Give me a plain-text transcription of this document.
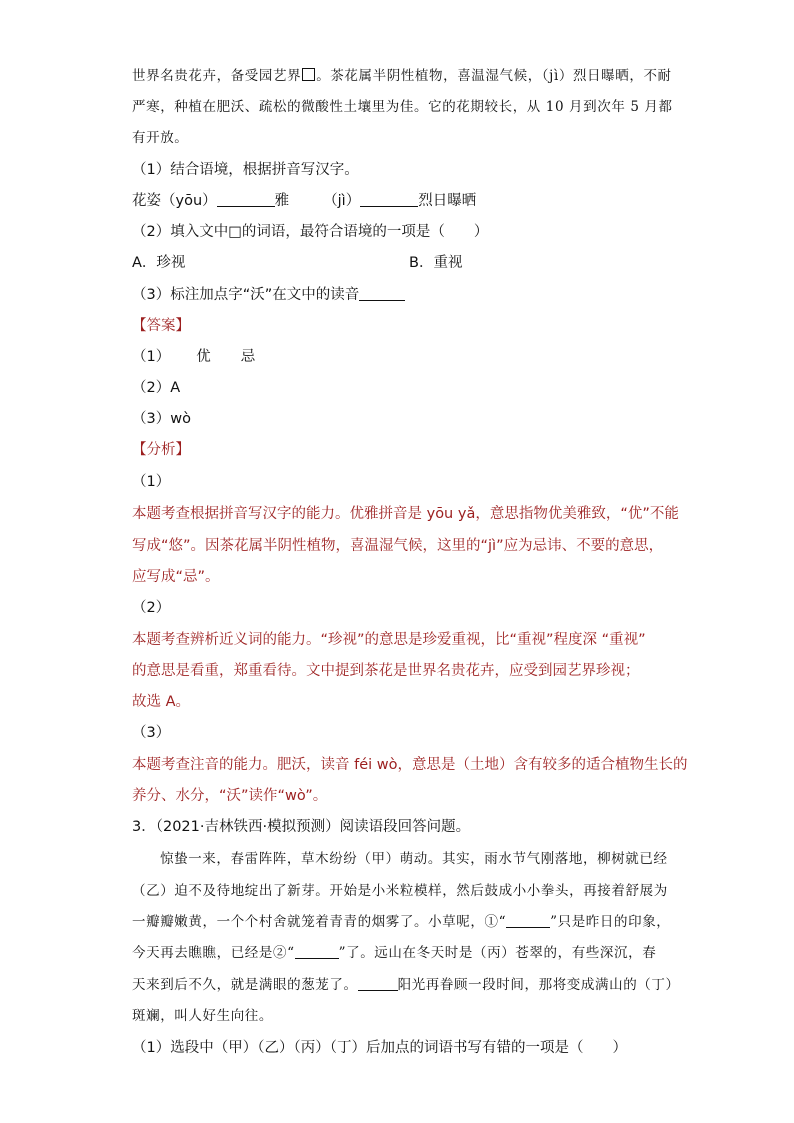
世界名贵花卉，备受园艺界 。茶花属半阴性植物，喜温湿气候，（jì）烈日曝晒，不耐
严寒，种植在肥沃、疏松的微酸性土壤里为佳。它的花期较长，从 10 月到次年 5 月都
有开放。
（1）结合语境，根据拼音写汉字。
花姿（yōu）	雅 （jì）	烈日曝晒
（2）填入文中□的词语，最符合语境的一项是（　　）
A．珍视	B．重视
（3）标注加点字“沃”在文中的读音
【答案】
（1） 优 忌
（2）A
（3）wò
【分析】
（1）
本题考查根据拼音写汉字的能力。优雅拼音是 yōu yǎ，意思指物优美雅致，“优”不能
写成“悠”。因茶花属半阴性植物，喜温湿气候，这里的“jì”应为忌讳、不要的意思，
应写成“忌”。
（2）
本题考查辨析近义词的能力。“珍视”的意思是珍爱重视，比“重视”程度深 “重视”
的意思是看重，郑重看待。文中提到茶花是世界名贵花卉，应受到园艺界珍视；
故选 A。
（3）
本题考查注音的能力。肥沃，读音 féi wò，意思是（土地）含有较多的适合植物生长的
养分、水分，“沃”读作“wò”。
3．（2021·吉林铁西·模拟预测）阅读语段回答问题。
惊蛰一来，春雷阵阵，草木纷纷（甲）萌动。其实，雨水节气刚落地，柳树就已经
（乙）迫不及待地绽出了新芽。开始是小米粒模样，然后鼓成小小拳头，再接着舒展为
一瓣瓣嫩黄，一个个村舍就笼着青青的烟雾了。小草呢，①“	”只是昨日的印象，
今天再去瞧瞧，已经是②“	”了。远山在冬天时是（丙）苍翠的，有些深沉，春
天来到后不久，就是满眼的葱茏了。	阳光再眷顾一段时间，那将变成满山的（丁）
斑斓，叫人好生向往。
（1）选段中（甲）（乙）（丙）（丁）后加点的词语书写有错的一项是（　　）
